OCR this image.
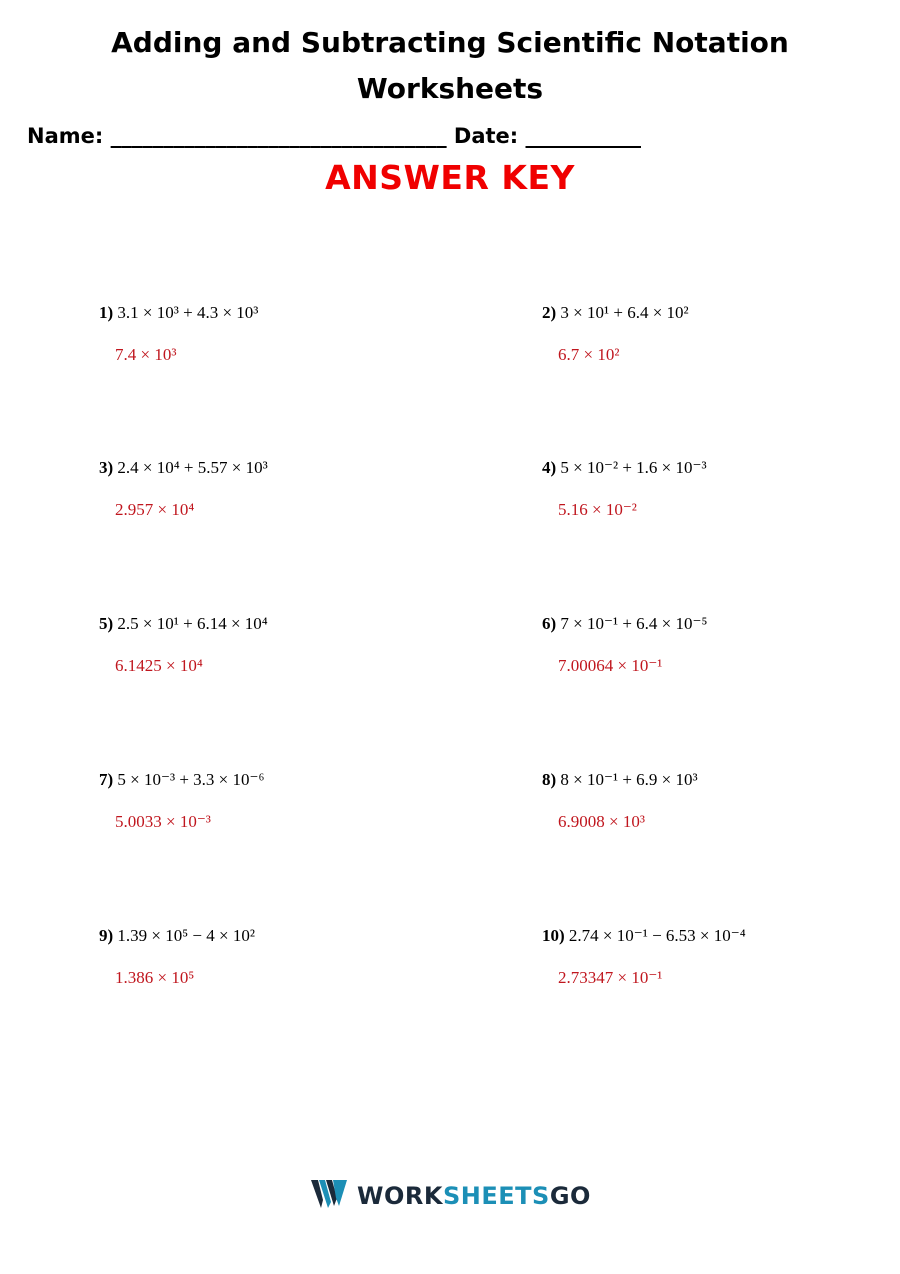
Adding and Subtracting Scientific Notation
Worksheets
Name: ________________________________ Date: ___________
ANSWER KEY
1) 3.1 × 10³ + 4.3 × 10³
7.4 × 10³
2) 3 × 10¹ + 6.4 × 10²
6.7 × 10²
3) 2.4 × 10⁴ + 5.57 × 10³
2.957 × 10⁴
4) 5 × 10⁻² + 1.6 × 10⁻³
5.16 × 10⁻²
5) 2.5 × 10¹ + 6.14 × 10⁴
6.1425 × 10⁴
6) 7 × 10⁻¹ + 6.4 × 10⁻⁵
7.00064 × 10⁻¹
7) 5 × 10⁻³ + 3.3 × 10⁻⁶
5.0033 × 10⁻³
8) 8 × 10⁻¹ + 6.9 × 10³
6.9008 × 10³
9) 1.39 × 10⁵ − 4 × 10²
1.386 × 10⁵
10) 2.74 × 10⁻¹ − 6.53 × 10⁻⁴
2.73347 × 10⁻¹
WORKSHEETSGO
